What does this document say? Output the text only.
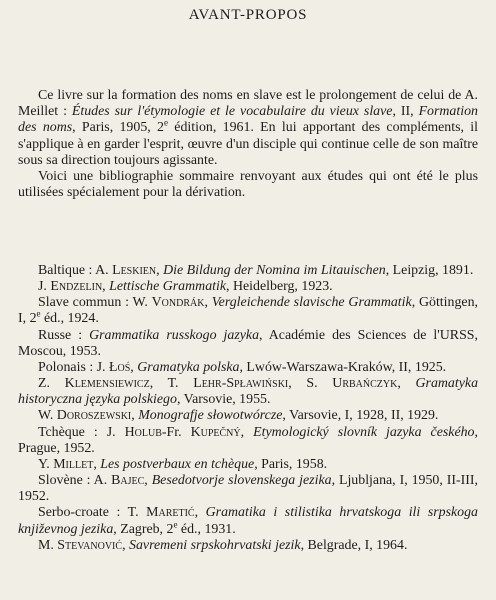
AVANT-PROPOS

Ce livre sur la formation des noms en slave est le prolongement de celui de A. Meillet : Études sur l'étymologie et le vocabulaire du vieux slave, II, Formation des noms, Paris, 1905, 2e édition, 1961. En lui apportant des compléments, il s'applique à en garder l'esprit, œuvre d'un disciple qui continue celle de son maître sous sa direction toujours agissante.

Voici une bibliographie sommaire renvoyant aux études qui ont été le plus utilisées spécialement pour la dérivation.

Baltique : A. Leskien, Die Bildung der Nomina im Litauischen, Leipzig, 1891.

J. Endzelin, Lettische Grammatik, Heidelberg, 1923.

Slave commun : W. Vondrák, Vergleichende slavische Grammatik, Göttingen, I, 2e éd., 1924.

Russe : Grammatika russkogo jazyka, Académie des Sciences de l'URSS, Moscou, 1953.

Polonais : J. Łoś, Gramatyka polska, Lwów-Warszawa-Kraków, II, 1925.

Z. Klemensiewicz, T. Lehr-Spławiński, S. Urbańczyk, Gramatyka historyczna języka polskiego, Varsovie, 1955.

W. Doroszewski, Monografje słowotwórcze, Varsovie, I, 1928, II, 1929.

Tchèque : J. Holub-Fr. Kupečný, Etymologický slovník jazyka českého, Prague, 1952.

Y. Millet, Les postverbaux en tchèque, Paris, 1958.

Slovène : A. Bajec, Besedotvorje slovenskega jezika, Ljubljana, I, 1950, II-III, 1952.

Serbo-croate : T. Maretić, Gramatika i stilistika hrvatskoga ili srpskoga književnog jezika, Zagreb, 2e éd., 1931.

M. Stevanović, Savremeni srpskohrvatski jezik, Belgrade, I, 1964.
